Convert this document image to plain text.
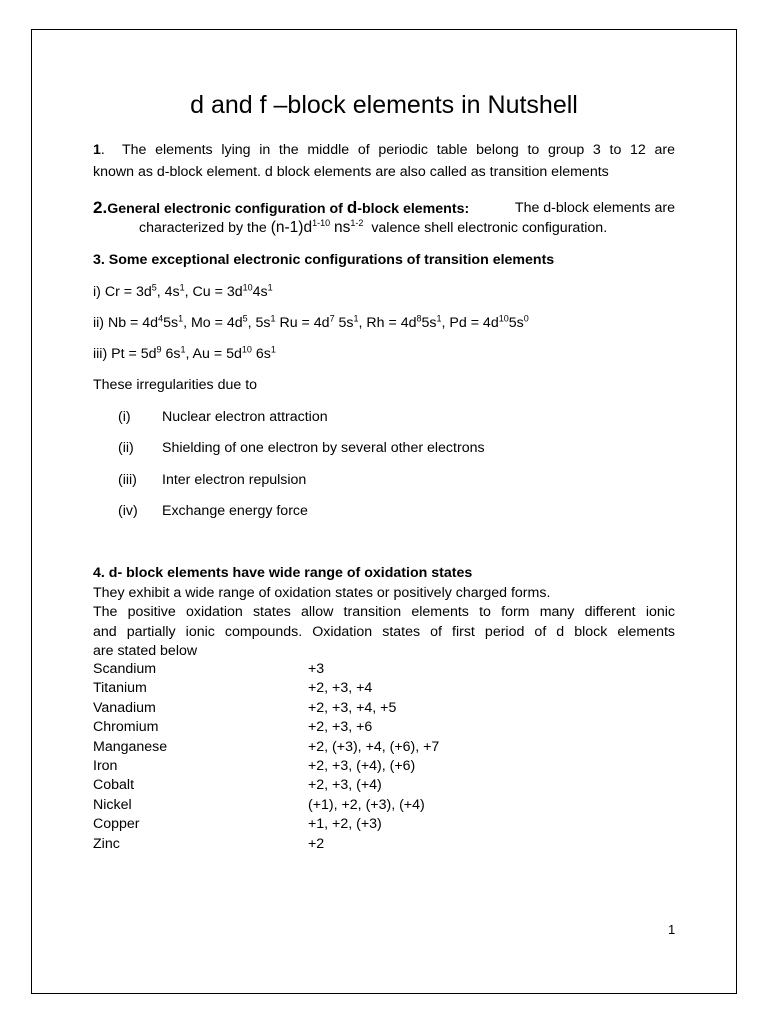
d and f –block elements in Nutshell

1.  The elements lying in the middle of periodic table belong to group 3 to 12 are

known as d-block element. d block elements are also called as transition elements

2.General electronic configuration of d-block elements:	The d-block elements are

characterized by the $(n-1)d^{1-10}$ $ns^{1-2}$ valence shell electronic configuration.

3. Some exceptional electronic configurations of transition elements

i) $Cr = 3d^5$, $4s^1$, $Cu = 3d^{10}4s^1$

ii) $Nb = 4d^45s^1$, $Mo = 4d^5$, $5s^1$ $Ru = 4d^7$ $5s^1$, $Rh = 4d^85s^1$, $Pd = 4d^{10}5s^0$

iii) $Pt = 5d^9$ $6s^1$, $Au = 5d^{10}$ $6s^1$

These irregularities due to

(i) Nuclear electron attraction
(ii) Shielding of one electron by several other electrons
(iii) Inter electron repulsion
(iv) Exchange energy force

4. d- block elements have wide range of oxidation states

They exhibit a wide range of oxidation states or positively charged forms.

The positive oxidation states allow transition elements to form many different ionic

and partially ionic compounds. Oxidation states of first period of d block elements

are stated below

Scandium	+3
Titanium	+2, +3, +4
Vanadium	+2, +3, +4, +5
Chromium	+2, +3, +6
Manganese	+2, (+3), +4, (+6), +7
Iron	+2, +3, (+4), (+6)
Cobalt	+2, +3, (+4)
Nickel	(+1), +2, (+3), (+4)
Copper	+1, +2, (+3)
Zinc	+2
1
